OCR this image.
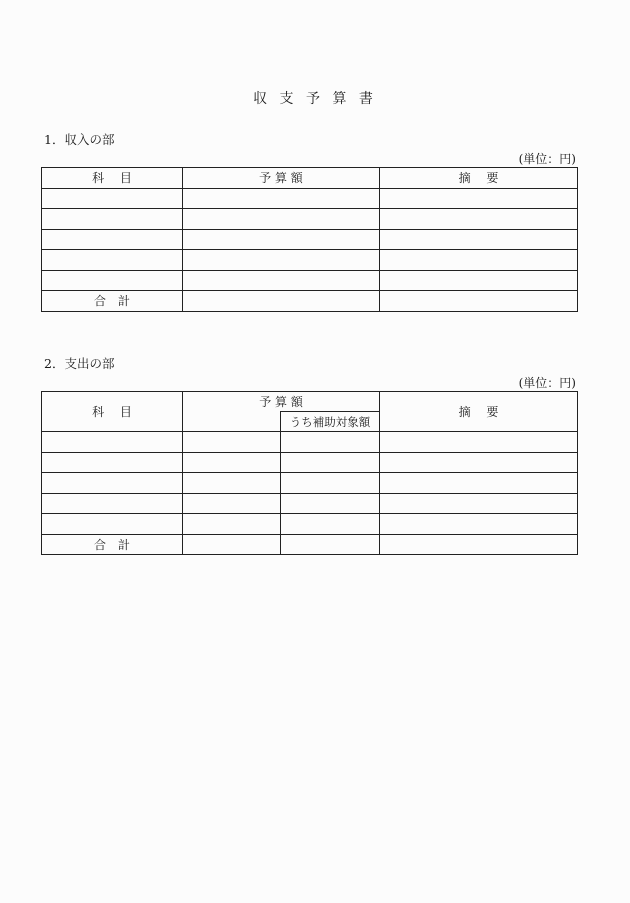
収 支 予 算 書
1．収入の部
(単位：円)
科　 目	予 算 額	摘　 要

合　計		
2．支出の部
(単位：円)
科　 目	予 算 額		摘　 要
		うち補助対象額	

合　計			
